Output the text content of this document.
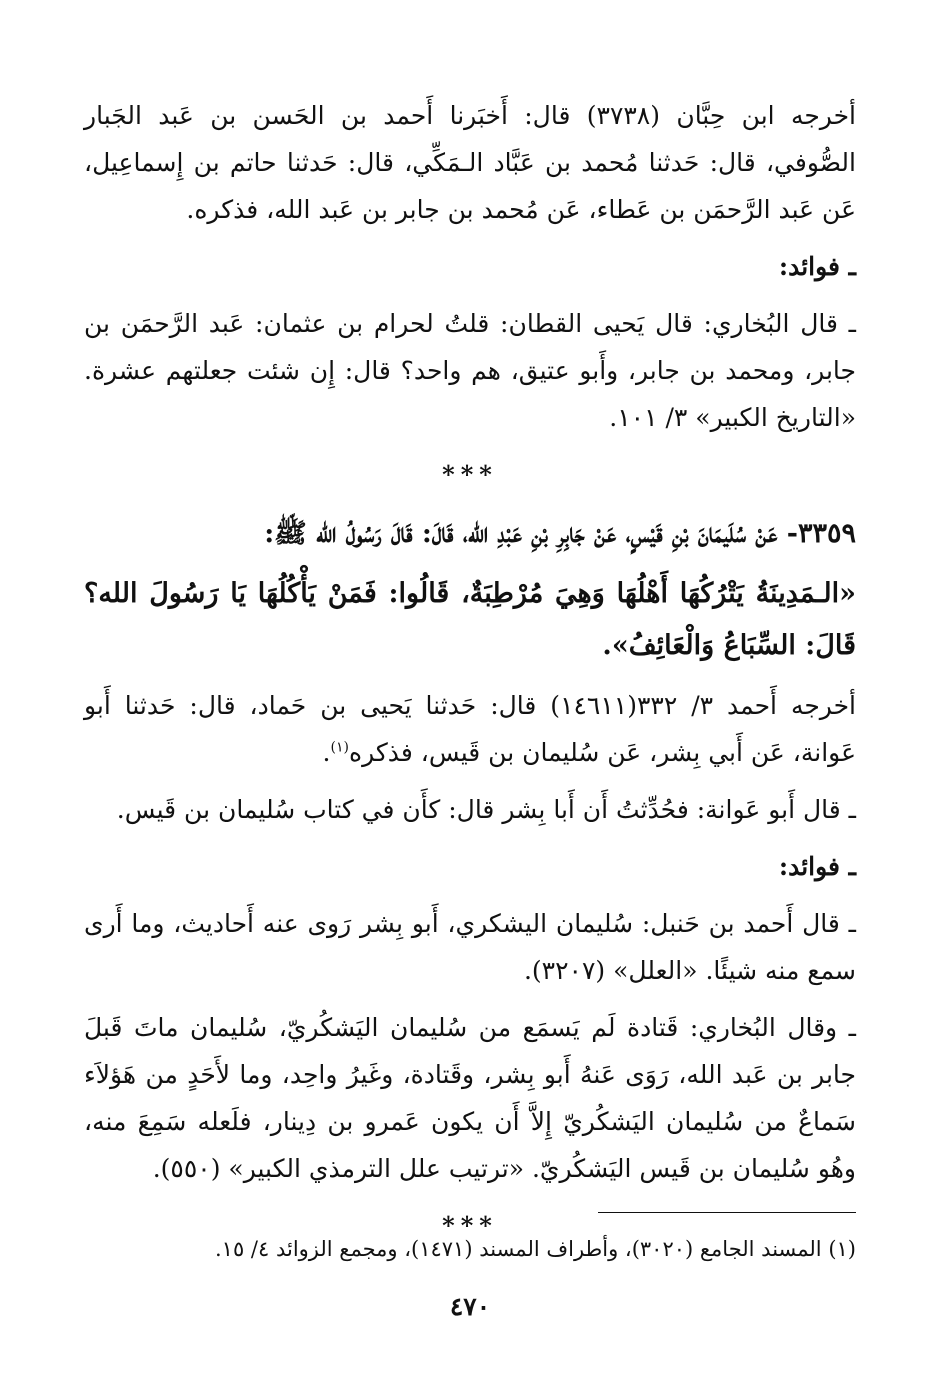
أخرجه ابن حِبَّان (٣٧٣٨) قال: أَخبَرنا أَحمد بن الحَسن بن عَبد الجَبار الصُّوفي، قال: حَدثنا مُحمد بن عَبَّاد الـمَكِّي، قال: حَدثنا حاتم بن إِسماعِيل، عَن عَبد الرَّحمَن بن عَطاء، عَن مُحمد بن جابر بن عَبد الله، فذكره.

ـ فوائد:

ـ قال البُخاري: قال يَحيى القطان: قلتُ لحرام بن عثمان: عَبد الرَّحمَن بن جابر، ومحمد بن جابر، وأَبو عتيق، هم واحد؟ قال: إِن شئت جعلتهم عشرة. «التاريخ الكبير» ٣/ ١٠١.

***

٣٣٥٩- عَنْ سُلَيمَانَ بْنِ قَيْسٍ، عَنْ جَابِرِ بْنِ عَبْدِ الله، قَالَ: قَالَ رَسُولُ الله ﷺ:

«الـمَدِينَةُ يَتْرُكُهَا أَهْلُهَا وَهِيَ مُرْطِبَةٌ، قَالُوا: فَمَنْ يَأْكُلُهَا يَا رَسُولَ الله؟ قَالَ: السِّبَاعُ وَالْعَائِفُ».

أخرجه أَحمد ٣/ ٣٣٢(١٤٦١١) قال: حَدثنا يَحيى بن حَماد، قال: حَدثنا أَبو عَوانة، عَن أَبي بِشر، عَن سُليمان بن قَيس، فذكره$^{(١)}$.

ـ قال أَبو عَوانة: فحُدِّثتُ أَن أَبا بِشر قال: كأَن في كتاب سُليمان بن قَيس.

ـ فوائد:

ـ قال أَحمد بن حَنبل: سُليمان اليشكري، أَبو بِشر رَوى عنه أَحاديث، وما أَرى سمع منه شيئًا. «العلل» (٣٢٠٧).

ـ وقال البُخاري: قَتادة لَم يَسمَع من سُليمان اليَشكُريّ، سُليمان ماتَ قَبلَ جابر بن عَبد الله، رَوَى عَنهُ أَبو بِشر، وقَتادة، وغَيرُ واحِد، وما لأَحَدٍ من هَؤلاَء سَماعٌ من سُليمان اليَشكُريّ إِلاَّ أَن يكون عَمرو بن دِينار، فلَعله سَمِعَ منه، وهُو سُليمان بن قَيس اليَشكُريّ. «ترتيب علل الترمذي الكبير» (٥٥٠).

***
(١) المسند الجامع (٣٠٢٠)، وأطراف المسند (١٤٧١)، ومجمع الزوائد ٤/ ١٥.
٤٧٠
